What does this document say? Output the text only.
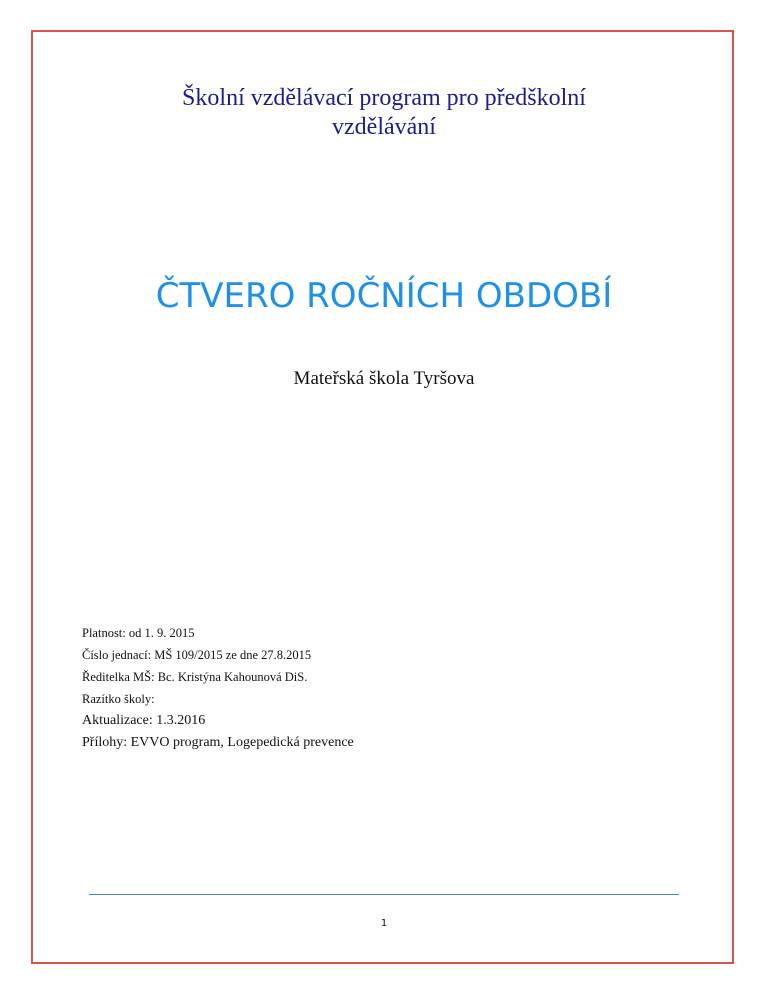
Školní vzdělávací program pro předškolní
vzdělávání
ČTVERO ROČNÍCH OBDOBÍ
Mateřská škola Tyršova
Platnost: od 1. 9. 2015
Číslo jednací: MŠ 109/2015 ze dne 27.8.2015
Ředitelka MŠ: Bc. Kristýna Kahounová DiS.
Razítko školy:
Aktualizace: 1.3.2016
Přílohy: EVVO program, Logepedická prevence
1
